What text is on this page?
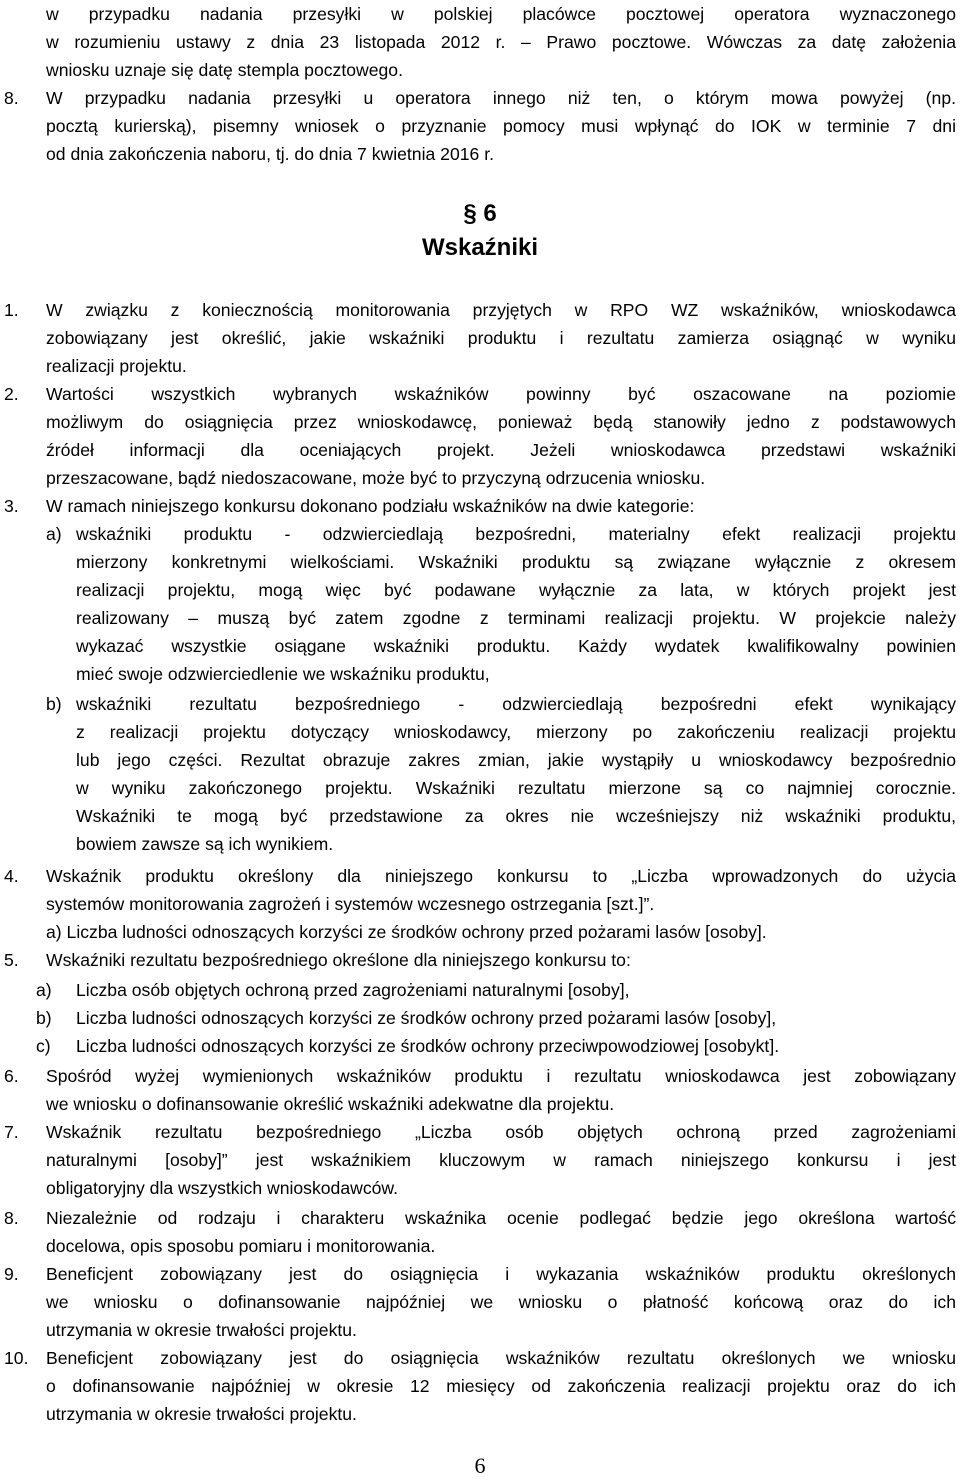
w przypadku nadania przesyłki w polskiej placówce pocztowej operatora wyznaczonego
w rozumieniu ustawy z dnia 23 listopada 2012 r. – Prawo pocztowe. Wówczas za datę założenia
wniosku uznaje się datę stempla pocztowego.
8. W przypadku nadania przesyłki u operatora innego niż ten, o którym mowa powyżej (np.
pocztą kurierską), pisemny wniosek o przyznanie pomocy musi wpłynąć do IOK w terminie 7 dni
od dnia zakończenia naboru, tj. do dnia 7 kwietnia 2016 r.
§ 6
Wskaźniki
1. W związku z koniecznością monitorowania przyjętych w RPO WZ wskaźników, wnioskodawca
zobowiązany jest określić, jakie wskaźniki produktu i rezultatu zamierza osiągnąć w wyniku
realizacji projektu.
2. Wartości wszystkich wybranych wskaźników powinny być oszacowane na poziomie
możliwym do osiągnięcia przez wnioskodawcę, ponieważ będą stanowiły jedno z podstawowych
źródeł informacji dla oceniających projekt. Jeżeli wnioskodawca przedstawi wskaźniki
przeszacowane, bądź niedoszacowane, może być to przyczyną odrzucenia wniosku.
3. W ramach niniejszego konkursu dokonano podziału wskaźników na dwie kategorie:
a) wskaźniki produktu - odzwierciedlają bezpośredni, materialny efekt realizacji projektu
mierzony konkretnymi wielkościami. Wskaźniki produktu są związane wyłącznie z okresem
realizacji projektu, mogą więc być podawane wyłącznie za lata, w których projekt jest
realizowany – muszą być zatem zgodne z terminami realizacji projektu. W projekcie należy
wykazać wszystkie osiągane wskaźniki produktu. Każdy wydatek kwalifikowalny powinien
mieć swoje odzwierciedlenie we wskaźniku produktu,
b) wskaźniki rezultatu bezpośredniego - odzwierciedlają bezpośredni efekt wynikający
z realizacji projektu dotyczący wnioskodawcy, mierzony po zakończeniu realizacji projektu
lub jego części. Rezultat obrazuje zakres zmian, jakie wystąpiły u wnioskodawcy bezpośrednio
w wyniku zakończonego projektu. Wskaźniki rezultatu mierzone są co najmniej corocznie.
Wskaźniki te mogą być przedstawione za okres nie wcześniejszy niż wskaźniki produktu,
bowiem zawsze są ich wynikiem.
4. Wskaźnik produktu określony dla niniejszego konkursu to „Liczba wprowadzonych do użycia
systemów monitorowania zagrożeń i systemów wczesnego ostrzegania [szt.]”.
a) Liczba ludności odnoszących korzyści ze środków ochrony przed pożarami lasów [osoby].
5. Wskaźniki rezultatu bezpośredniego określone dla niniejszego konkursu to:
a) Liczba osób objętych ochroną przed zagrożeniami naturalnymi [osoby],
b) Liczba ludności odnoszących korzyści ze środków ochrony przed pożarami lasów [osoby],
c) Liczba ludności odnoszących korzyści ze środków ochrony przeciwpowodziowej [osobykt].
6. Spośród wyżej wymienionych wskaźników produktu i rezultatu wnioskodawca jest zobowiązany
we wniosku o dofinansowanie określić wskaźniki adekwatne dla projektu.
7. Wskaźnik rezultatu bezpośredniego „Liczba osób objętych ochroną przed zagrożeniami
naturalnymi [osoby]” jest wskaźnikiem kluczowym w ramach niniejszego konkursu i jest
obligatoryjny dla wszystkich wnioskodawców.
8. Niezależnie od rodzaju i charakteru wskaźnika ocenie podlegać będzie jego określona wartość
docelowa, opis sposobu pomiaru i monitorowania.
9. Beneficjent zobowiązany jest do osiągnięcia i wykazania wskaźników produktu określonych
we wniosku o dofinansowanie najpóźniej we wniosku o płatność końcową oraz do ich
utrzymania w okresie trwałości projektu.
10. Beneficjent zobowiązany jest do osiągnięcia wskaźników rezultatu określonych we wniosku
o dofinansowanie najpóźniej w okresie 12 miesięcy od zakończenia realizacji projektu oraz do ich
utrzymania w okresie trwałości projektu.
6
